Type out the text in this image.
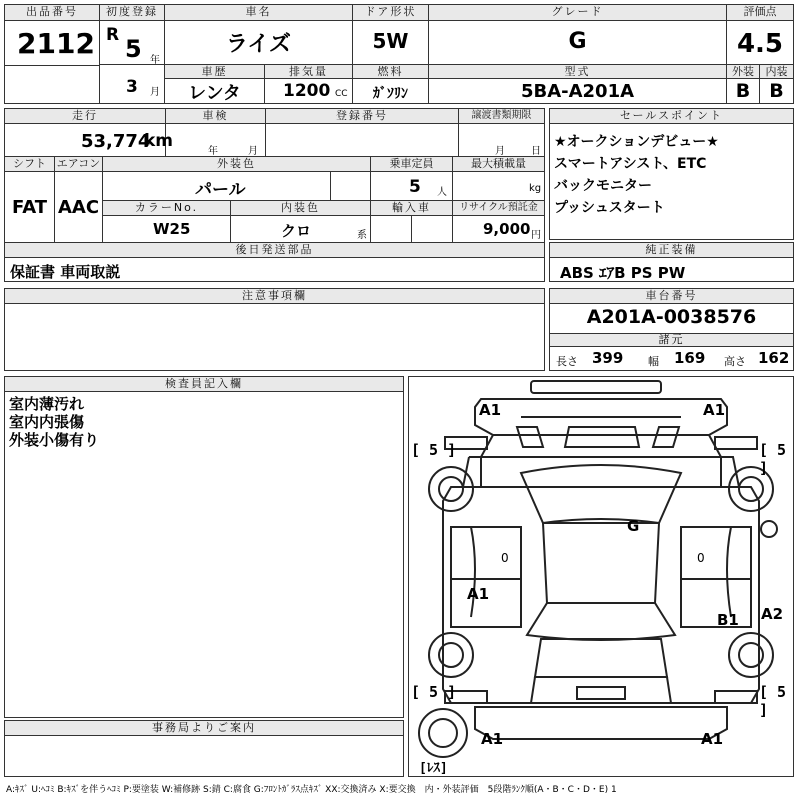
出品番号
2112
初度登録
R 5 年
3 月
車名
ライズ
ドア形状
5W
グレード
G
評価点
4.5
車歴
レンタ
排気量
1200 CC
燃料
ｶﾞｿﾘﾝ
型式
5BA-A201A
外装
B
内装
B
走行
53,774
km
車検
年	月
登録番号	譲渡書類期限
月	日
シフト
FAT
エアコン
AAC
外装色
パール
乗車定員
5 人
最大積載量
kg
カラーNo.
W25
内装色
クロ	系
輸入車	リサイクル預託金
9,000 円
後日発送部品
保証書 車両取説
セールスポイント
★オークションデビュー★
スマートアシスト、ETC
バックモニター
プッシュスタート
純正装備
ABS ｴｱB PS PW
注意事項欄	車台番号
A201A-0038576
諸元
長さ 399 幅 169 高さ 162
検査員記入欄
室内薄汚れ
室内内張傷
外装小傷有り
事務局よりご案内
A1	A1
G
A1
B1 A2
A1	A1
0	0
[ 5 ]	[ 5 ]
[ 5 ]	[ 5 ]
[ﾚｽ]
A:ｷｽﾞ U:ﾍｺﾐ B:ｷｽﾞを伴うﾍｺﾐ P:要塗装 W:補修跡 S:錆 C:腐食 G:ﾌﾛﾝﾄｶﾞﾗｽ点ｷｽﾞ XX:交換済み X:要交換　内・外装評価　5段階ﾗﾝｸ順(A・B・C・D・E) 1
